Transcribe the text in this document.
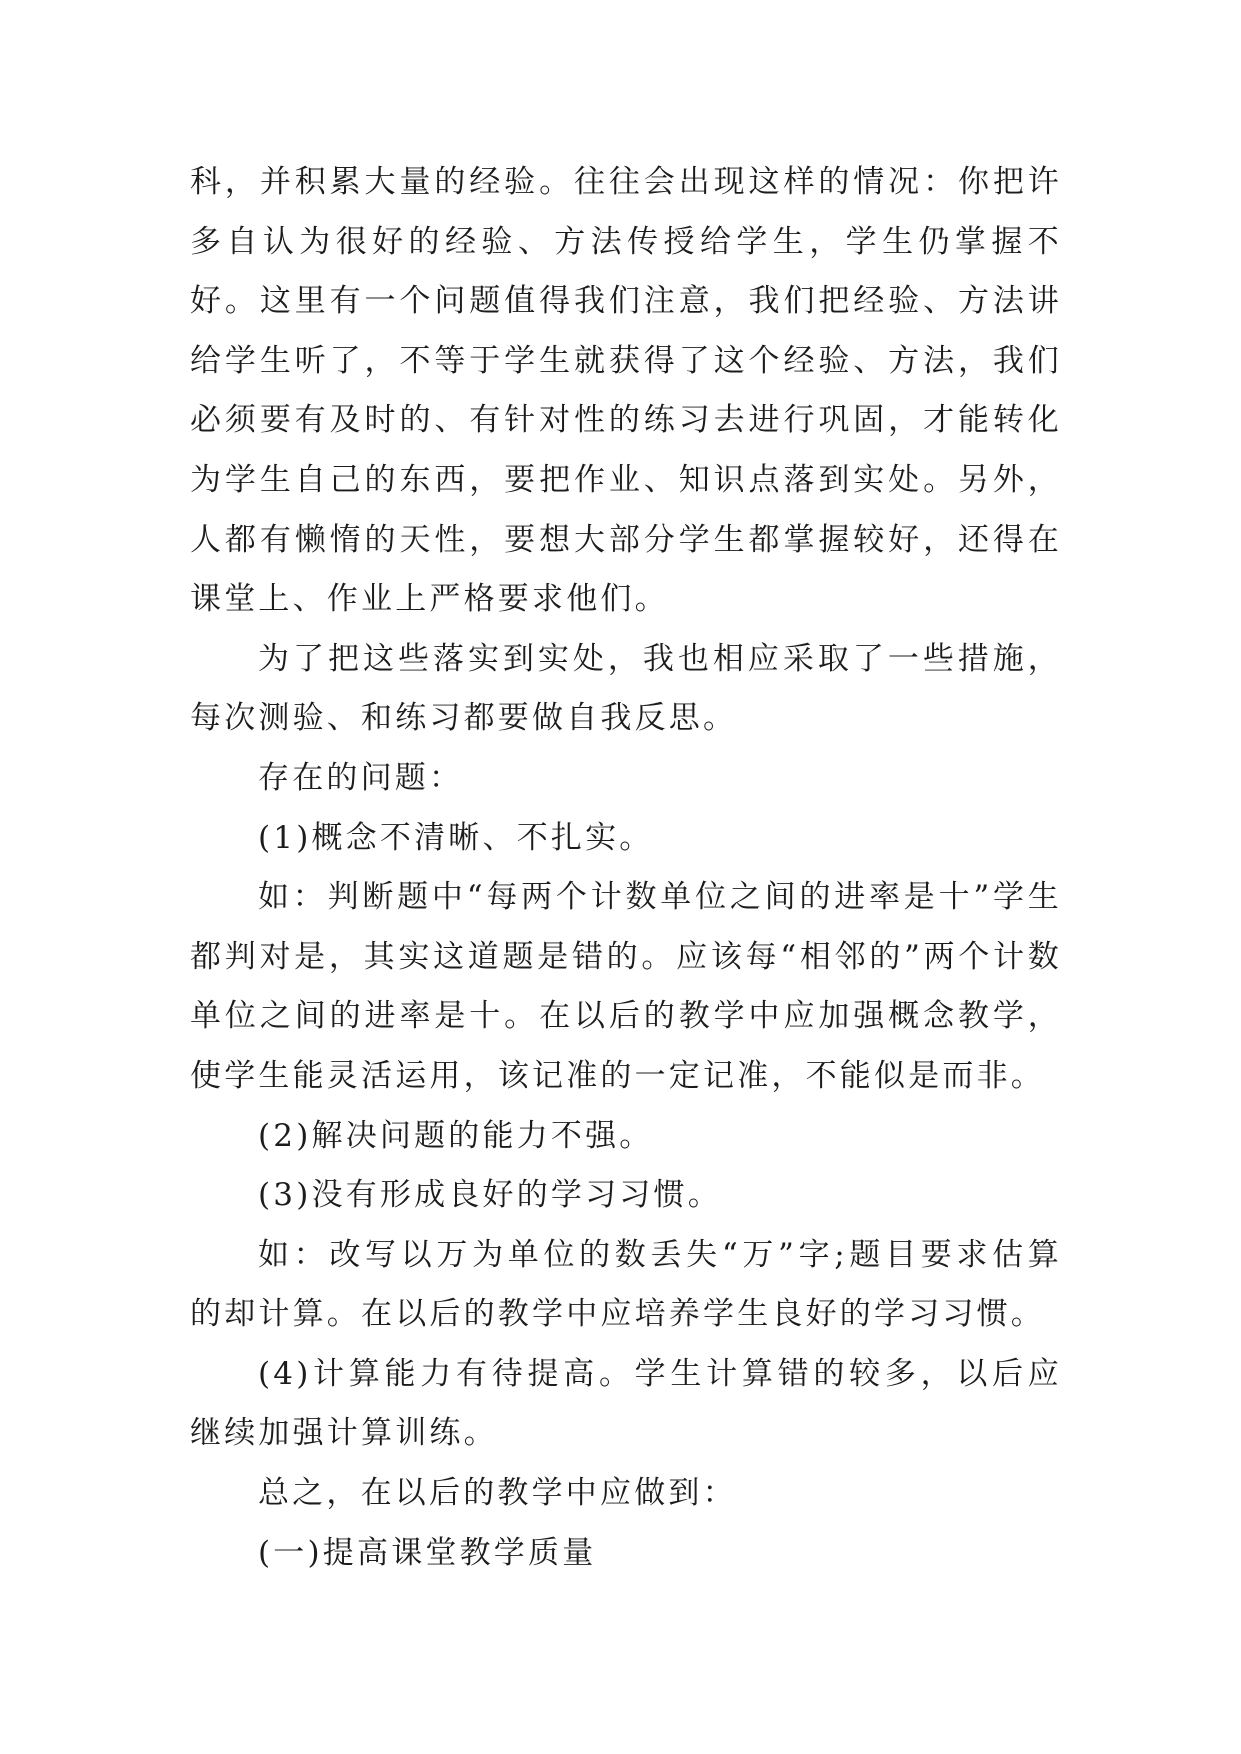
科，并积累大量的经验。往往会出现这样的情况：你把许多自认为很好的经验、方法传授给学生，学生仍掌握不好。这里有一个问题值得我们注意，我们把经验、方法讲给学生听了，不等于学生就获得了这个经验、方法，我们必须要有及时的、有针对性的练习去进行巩固，才能转化为学生自己的东西，要把作业、知识点落到实处。另外，人都有懒惰的天性，要想大部分学生都掌握较好，还得在课堂上、作业上严格要求他们。

为了把这些落实到实处，我也相应采取了一些措施，每次测验、和练习都要做自我反思。

存在的问题：

(1)概念不清晰、不扎实。

如：判断题中“每两个计数单位之间的进率是十”学生都判对是，其实这道题是错的。应该每“相邻的”两个计数单位之间的进率是十。在以后的教学中应加强概念教学，使学生能灵活运用，该记准的一定记准，不能似是而非。

(2)解决问题的能力不强。

(3)没有形成良好的学习习惯。

如：改写以万为单位的数丢失“万”字;题目要求估算的却计算。在以后的教学中应培养学生良好的学习习惯。

(4)计算能力有待提高。学生计算错的较多，以后应继续加强计算训练。

总之，在以后的教学中应做到：

(一)提高课堂教学质量
